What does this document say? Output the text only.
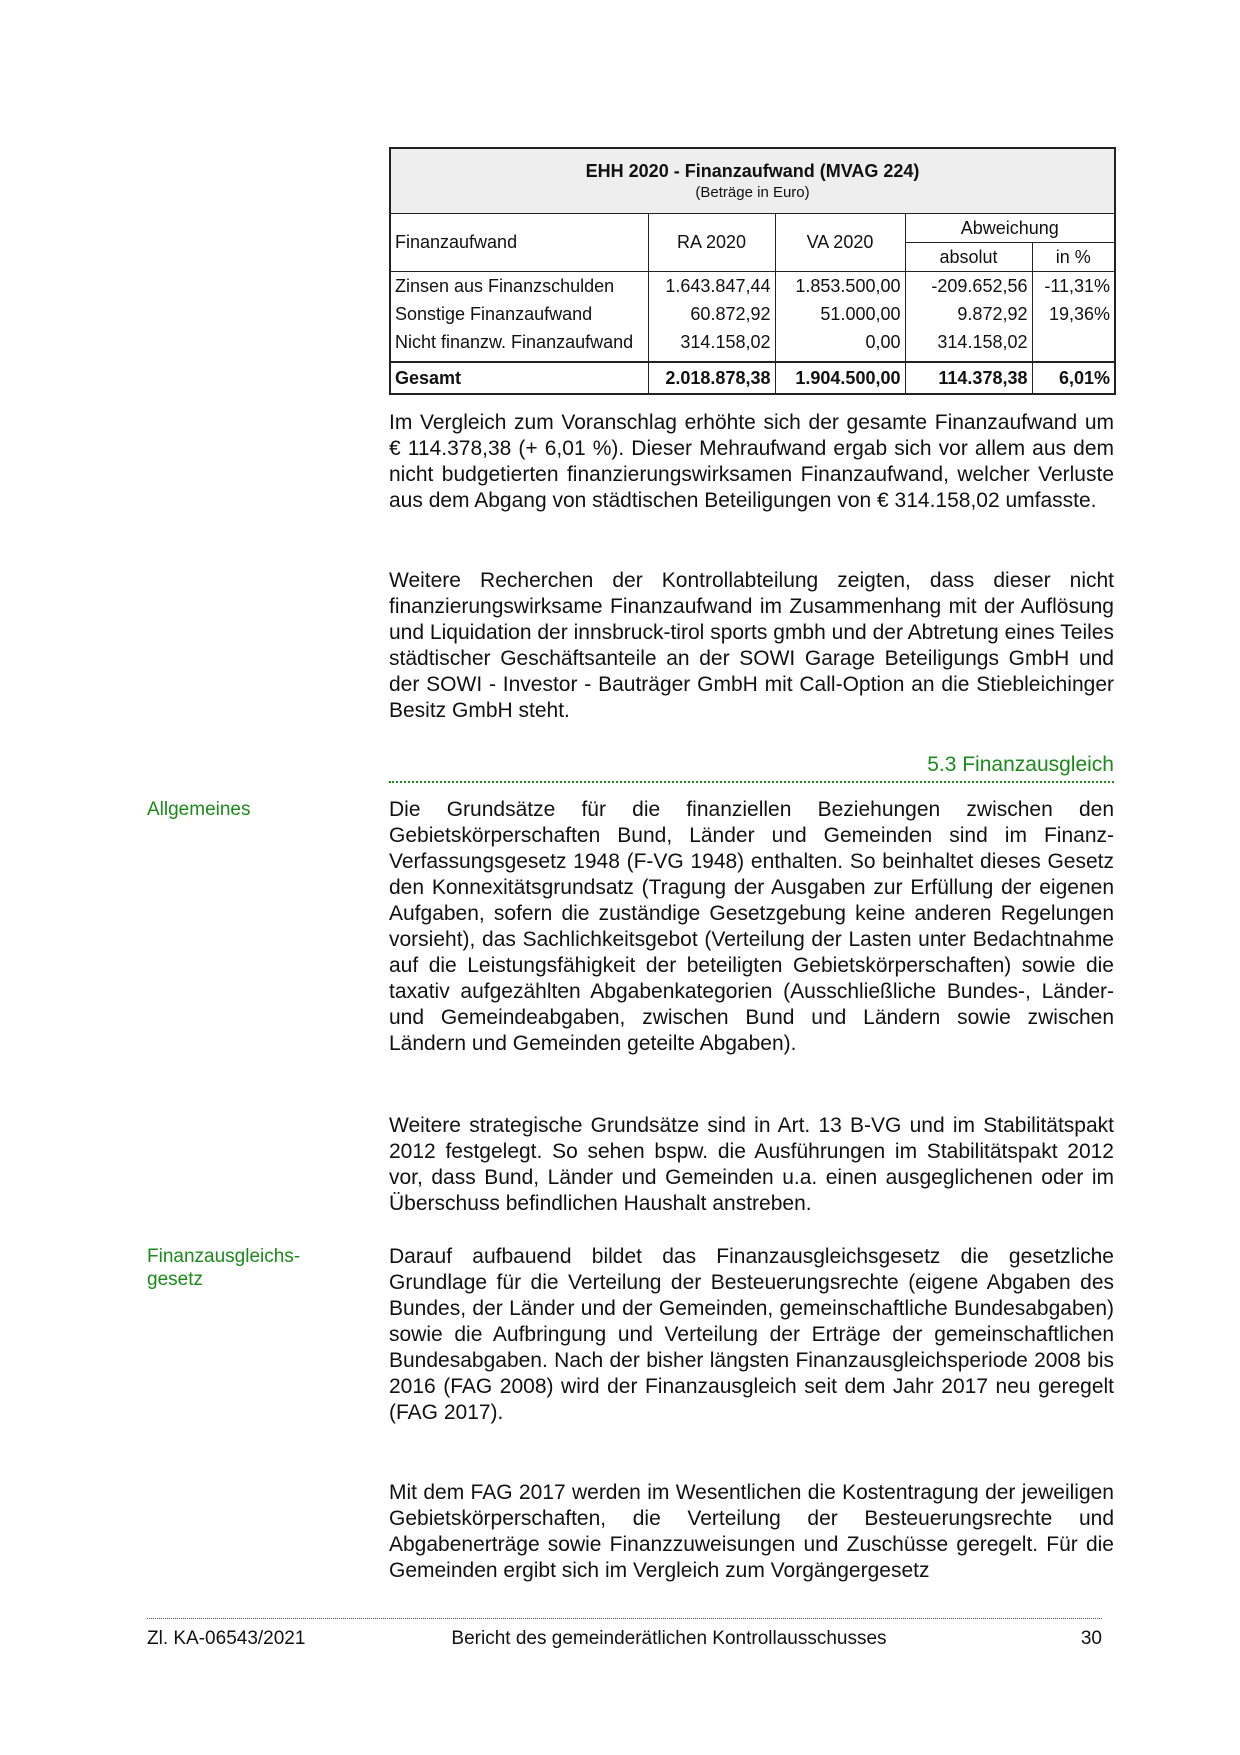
EHH 2020 - Finanzaufwand (MVAG 224)
(Beträge in Euro)				

Finanzaufwand	RA 2020	VA 2020	Abweichung	
			absolut	in %
Zinsen aus Finanzschulden	1.643.847,44	1.853.500,00	-209.652,56	-11,31%
Sonstige Finanzaufwand	60.872,92	51.000,00	9.872,92	19,36%
Nicht finanzw. Finanzaufwand	314.158,02	0,00	314.158,02	

Gesamt	2.018.878,38	1.904.500,00	114.378,38	6,01%

Im Vergleich zum Voranschlag erhöhte sich der gesamte Finanzaufwand um € 114.378,38 (+ 6,01 %). Dieser Mehraufwand ergab sich vor allem aus dem nicht budgetierten finanzierungswirksamen Finanzaufwand, welcher Verluste aus dem Abgang von städtischen Beteiligungen von € 314.158,02 umfasste.

Weitere Recherchen der Kontrollabteilung zeigten, dass dieser nicht finanzierungswirksame Finanzaufwand im Zusammenhang mit der Auflösung und Liquidation der innsbruck-tirol sports gmbh und der Abtretung eines Teiles städtischer Geschäftsanteile an der SOWI Garage Beteiligungs GmbH und der SOWI - Investor - Bauträger GmbH mit Call-Option an die Stiebleichinger Besitz GmbH steht.

5.3 Finanzausgleich
Allgemeines	Die Grundsätze für die finanziellen Beziehungen zwischen den Gebietskörperschaften Bund, Länder und Gemeinden sind im Finanz-Verfassungsgesetz 1948 (F-VG 1948) enthalten. So beinhaltet dieses Gesetz den Konnexitätsgrundsatz (Tragung der Ausgaben zur Erfüllung der eigenen Aufgaben, sofern die zuständige Gesetzgebung keine anderen Regelungen vorsieht), das Sachlichkeitsgebot (Verteilung der Lasten unter Bedachtnahme auf die Leistungsfähigkeit der beteiligten Gebietskörperschaften) sowie die taxativ aufgezählten Abgabenkategorien (Ausschließliche Bundes-, Länder- und Gemeindeabgaben, zwischen Bund und Ländern sowie zwischen Ländern und Gemeinden geteilte Abgaben).

Weitere strategische Grundsätze sind in Art. 13 B-VG und im Stabilitätspakt 2012 festgelegt. So sehen bspw. die Ausführungen im Stabilitätspakt 2012 vor, dass Bund, Länder und Gemeinden u.a. einen ausgeglichenen oder im Überschuss befindlichen Haushalt anstreben.

Finanzausgleichs-
gesetz

Darauf aufbauend bildet das Finanzausgleichsgesetz die gesetzliche Grundlage für die Verteilung der Besteuerungsrechte (eigene Abgaben des Bundes, der Länder und der Gemeinden, gemeinschaftliche Bundesabgaben) sowie die Aufbringung und Verteilung der Erträge der gemeinschaftlichen Bundesabgaben. Nach der bisher längsten Finanzausgleichsperiode 2008 bis 2016 (FAG 2008) wird der Finanzausgleich seit dem Jahr 2017 neu geregelt (FAG 2017).

Mit dem FAG 2017 werden im Wesentlichen die Kostentragung der jeweiligen Gebietskörperschaften, die Verteilung der Besteuerungsrechte und Abgabenerträge sowie Finanzzuweisungen und Zuschüsse geregelt. Für die Gemeinden ergibt sich im Vergleich zum Vorgängergesetz

Zl. KA-06543/2021	Bericht des gemeinderätlichen Kontrollausschusses	30
